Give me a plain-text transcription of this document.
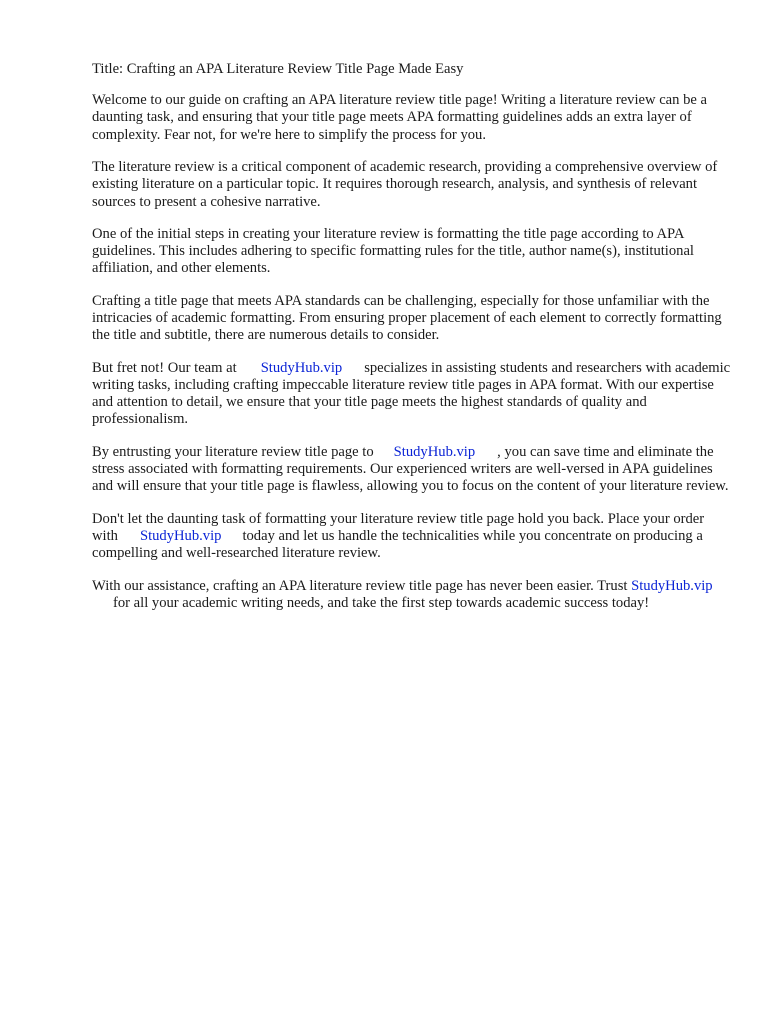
Title: Crafting an APA Literature Review Title Page Made Easy

Welcome to our guide on crafting an APA literature review title page! Writing a literature review can be a daunting task, and ensuring that your title page meets APA formatting guidelines adds an extra layer of complexity. Fear not, for we're here to simplify the process for you.

The literature review is a critical component of academic research, providing a comprehensive overview of existing literature on a particular topic. It requires thorough research, analysis, and synthesis of relevant sources to present a cohesive narrative.

One of the initial steps in creating your literature review is formatting the title page according to APA guidelines. This includes adhering to specific formatting rules for the title, author name(s), institutional affiliation, and other elements.

Crafting a title page that meets APA standards can be challenging, especially for those unfamiliar with the intricacies of academic formatting. From ensuring proper placement of each element to correctly formatting the title and subtitle, there are numerous details to consider.

But fret not! Our team at StudyHub.vip specializes in assisting students and researchers with academic writing tasks, including crafting impeccable literature review title pages in APA format. With our expertise and attention to detail, we ensure that your title page meets the highest standards of quality and professionalism.

By entrusting your literature review title page to StudyHub.vip , you can save time and eliminate the stress associated with formatting requirements. Our experienced writers are well-versed in APA guidelines and will ensure that your title page is flawless, allowing you to focus on the content of your literature review.

Don't let the daunting task of formatting your literature review title page hold you back. Place your order with StudyHub.vip today and let us handle the technicalities while you concentrate on producing a compelling and well-researched literature review.

With our assistance, crafting an APA literature review title page has never been easier. Trust StudyHub.vipfor all your academic writing needs, and take the first step towards academic success today!
